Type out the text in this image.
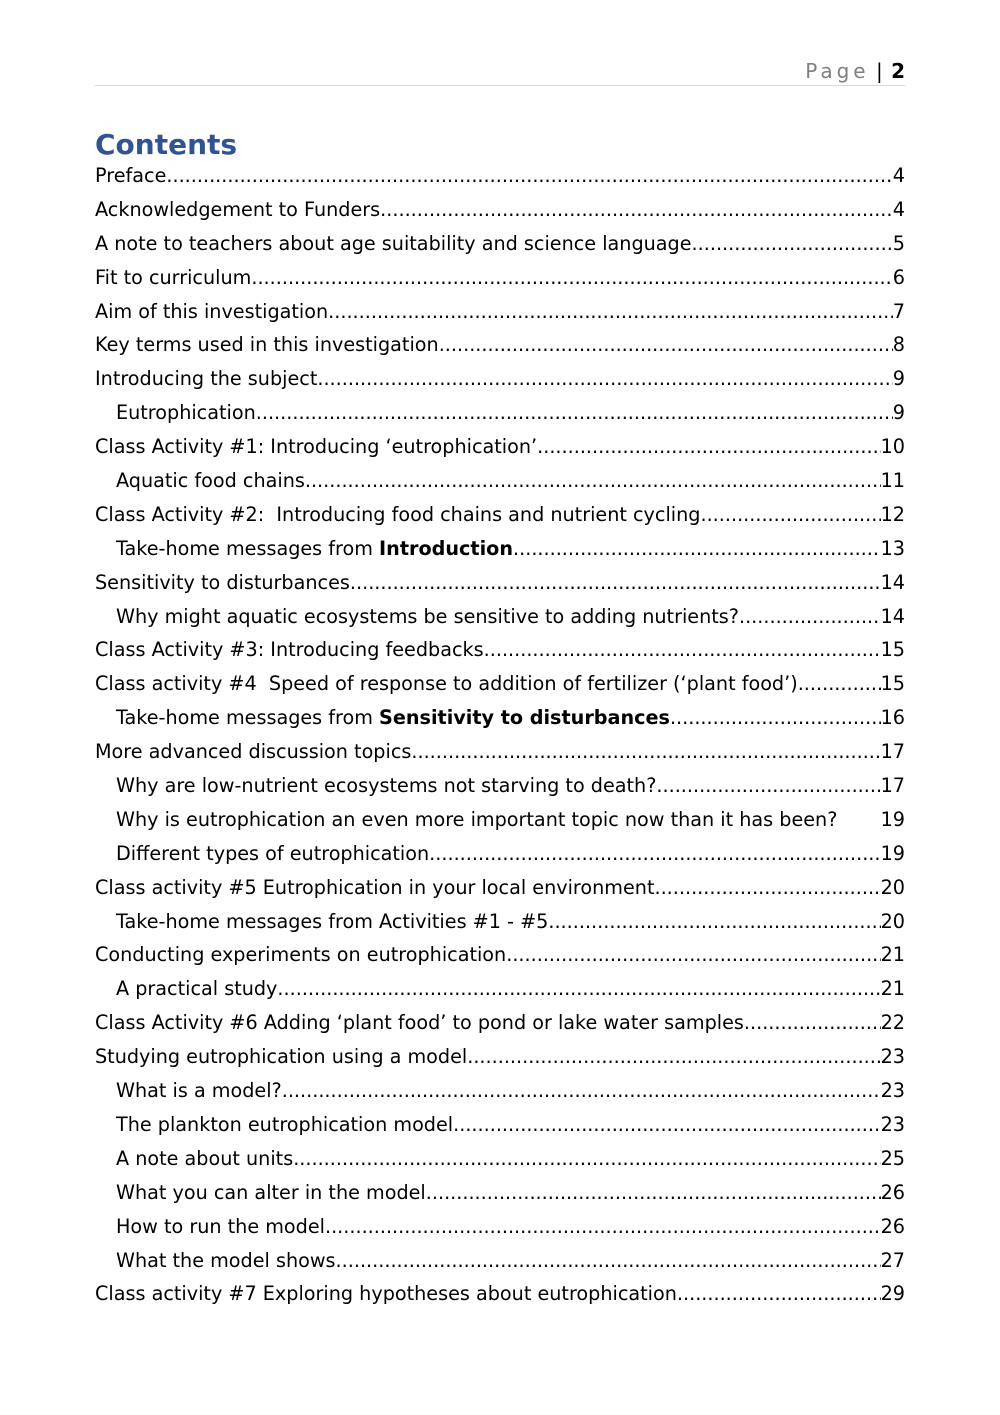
Page | 2
Contents
Preface .....	4
Acknowledgement to Funders .....	4
A note to teachers about age suitability and science language .....	5
Fit to curriculum .....	6
Aim of this investigation .....	7
Key terms used in this investigation .....	8
Introducing the subject .....	9
Eutrophication .....	9
Class Activity #1: Introducing ‘eutrophication’ .....	10
Aquatic food chains .....	11
Class Activity #2:  Introducing food chains and nutrient cycling .....	12
Take-home messages from Introduction .....	13
Sensitivity to disturbances .....	14
Why might aquatic ecosystems be sensitive to adding nutrients? .....	14
Class Activity #3: Introducing feedbacks .....	15
Class activity #4  Speed of response to addition of fertilizer (‘plant food’) .....	15
Take-home messages from Sensitivity to disturbances .....	16
More advanced discussion topics .....	17
Why are low-nutrient ecosystems not starving to death? .....	17
Why is eutrophication an even more important topic now than it has been? 19
Different types of eutrophication .....	19
Class activity #5 Eutrophication in your local environment .....	20
Take-home messages from Activities #1 - #5 .....	20
Conducting experiments on eutrophication .....	21
A practical study .....	21
Class Activity #6 Adding ‘plant food’ to pond or lake water samples .....	22
Studying eutrophication using a model .....	23
What is a model? .....	23
The plankton eutrophication model .....	23
A note about units .....	25
What you can alter in the model .....	26
How to run the model .....	26
What the model shows .....	27
Class activity #7 Exploring hypotheses about eutrophication .....	29
